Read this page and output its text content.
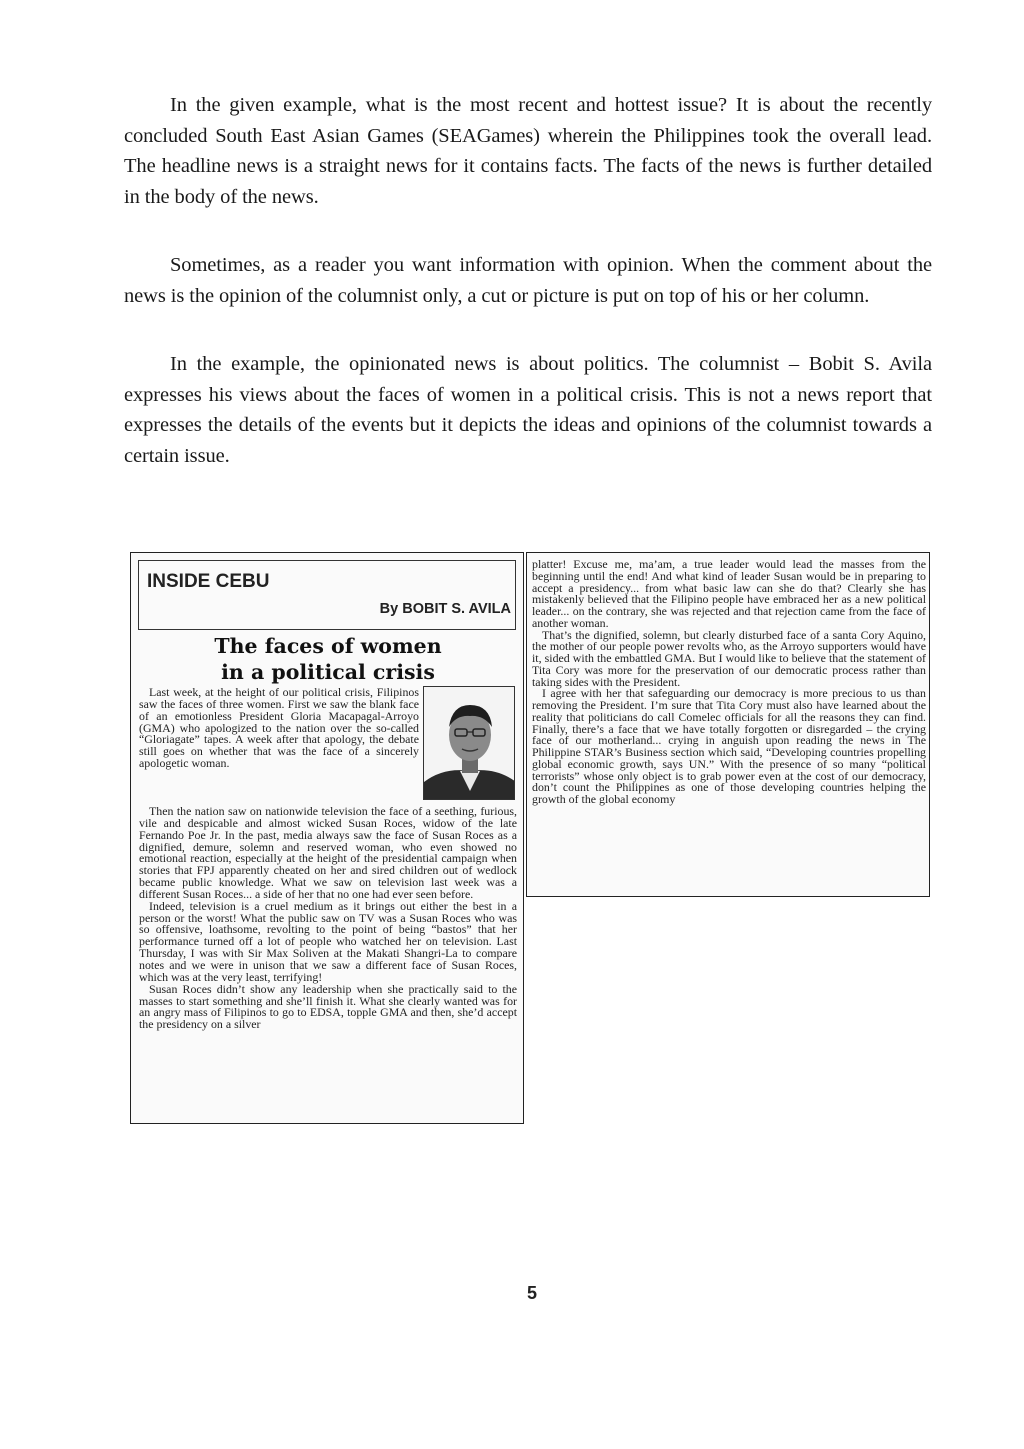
In the given example, what is the most recent and hottest issue? It is about the recently concluded South East Asian Games (SEAGames) wherein the Philippines took the overall lead. The headline news is a straight news for it contains facts. The facts of the news is further detailed in the body of the news.

Sometimes, as a reader you want information with opinion. When the comment about the news is the opinion of the columnist only, a cut or picture is put on top of his or her column.

In the example, the opinionated news is about politics. The columnist – Bobit S. Avila expresses his views about the faces of women in a political crisis. This is not a news report that expresses the details of the events but it depicts the ideas and opinions of the columnist towards a certain issue.

INSIDE CEBU
By BOBIT S. AVILA
The faces of women
in a political crisis

Last week, at the height of our political crisis, Filipinos saw the faces of three women. First we saw the blank face of an emotionless President Gloria Macapagal-Arroyo (GMA) who apologized to the nation over the so-called “Gloriagate” tapes. A week after that apology, the debate still goes on whether that was the face of a sincerely apologetic woman.

Then the nation saw on nationwide television the face of a seething, furious, vile and despicable and almost wicked Susan Roces, widow of the late Fernando Poe Jr. In the past, media always saw the face of Susan Roces as a dignified, demure, solemn and reserved woman, who even showed no emotional reaction, especially at the height of the presidential campaign when stories that FPJ apparently cheated on her and sired children out of wedlock became public knowledge. What we saw on television last week was a different Susan Roces... a side of her that no one had ever seen before.

Indeed, television is a cruel medium as it brings out either the best in a person or the worst! What the public saw on TV was a Susan Roces who was so offensive, loathsome, revolting to the point of being “bastos” that her performance turned off a lot of people who watched her on television. Last Thursday, I was with Sir Max Soliven at the Makati Shangri-La to compare notes and we were in unison that we saw a different face of Susan Roces, which was at the very least, terrifying!

Susan Roces didn’t show any leadership when she practically said to the masses to start something and she’ll finish it. What she clearly wanted was for an angry mass of Filipinos to go to EDSA, topple GMA and then, she’d accept the presidency on a silver

platter! Excuse me, ma’am, a true leader would lead the masses from the beginning until the end! And what kind of leader Susan would be in preparing to accept a presidency... from what basic law can she do that? Clearly she has mistakenly believed that the Filipino people have embraced her as a new political leader... on the contrary, she was rejected and that rejection came from the face of another woman.

That’s the dignified, solemn, but clearly disturbed face of a santa Cory Aquino, the mother of our people power revolts who, as the Arroyo supporters would have it, sided with the embattled GMA. But I would like to believe that the statement of Tita Cory was more for the preservation of our democratic process rather than taking sides with the President.

I agree with her that safeguarding our democracy is more precious to us than removing the President. I’m sure that Tita Cory must also have learned about the reality that politicians do call Comelec officials for all the reasons they can find. Finally, there’s a face that we have totally forgotten or disregarded – the crying face of our motherland... crying in anguish upon reading the news in The Philippine STAR’s Business section which said, “Developing countries propelling global economic growth, says UN.” With the presence of so many “political terrorists” whose only object is to grab power even at the cost of our democracy, don’t count the Philippines as one of those developing countries helping the growth of the global economy

5
